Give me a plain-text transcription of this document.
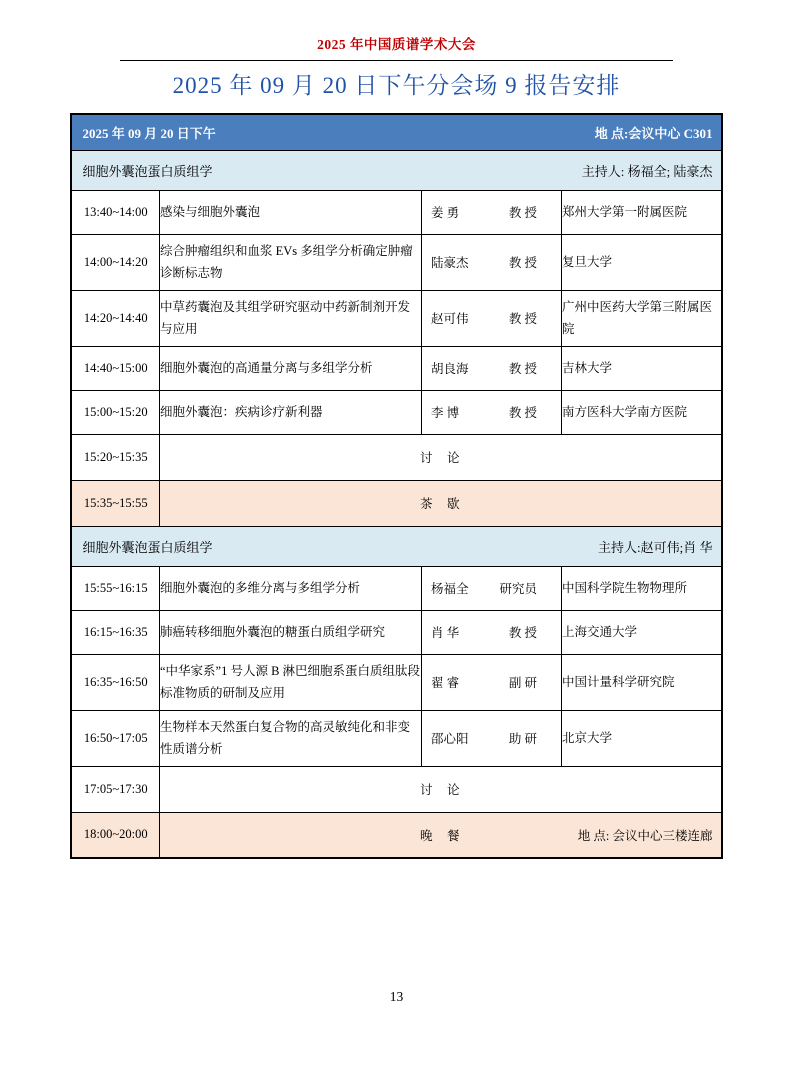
2025 年中国质谱学术大会
2025 年 09 月 20 日下午分会场 9 报告安排
2025 年 09 月 20 日下午 地 点:会议中心 C301			

细胞外囊泡蛋白质组学 主持人: 杨福全; 陆豪杰			

13:40~14:00	感染与细胞外囊泡	姜 勇 教 授	郑州大学第一附属医院
14:00~14:20	综合肿瘤组织和血浆 EVs 多组学分析确定肿瘤诊断标志物	陆豪杰 教 授	复旦大学
14:20~14:40	中草药囊泡及其组学研究驱动中药新制剂开发与应用	赵可伟 教 授	广州中医药大学第三附属医院
14:40~15:00	细胞外囊泡的高通量分离与多组学分析	胡良海 教 授	吉林大学
15:00~15:20	细胞外囊泡：疾病诊疗新利器	李 博 教 授	南方医科大学南方医院
15:20~15:35	讨　论		
15:35~15:55	茶　歇		

细胞外囊泡蛋白质组学 主持人:赵可伟;肖 华			

15:55~16:15	细胞外囊泡的多维分离与多组学分析	杨福全 研究员	中国科学院生物物理所
16:15~16:35	肺癌转移细胞外囊泡的糖蛋白质组学研究	肖 华 教 授	上海交通大学
16:35~16:50	“中华家系”1 号人源 B 淋巴细胞系蛋白质组肽段标准物质的研制及应用	翟 睿 副 研	中国计量科学研究院
16:50~17:05	生物样本天然蛋白复合物的高灵敏纯化和非变性质谱分析	邵心阳 助 研	北京大学
17:05~17:30	讨　论		
18:00~20:00	晚　餐 地 点: 会议中心三楼连廊		
13
